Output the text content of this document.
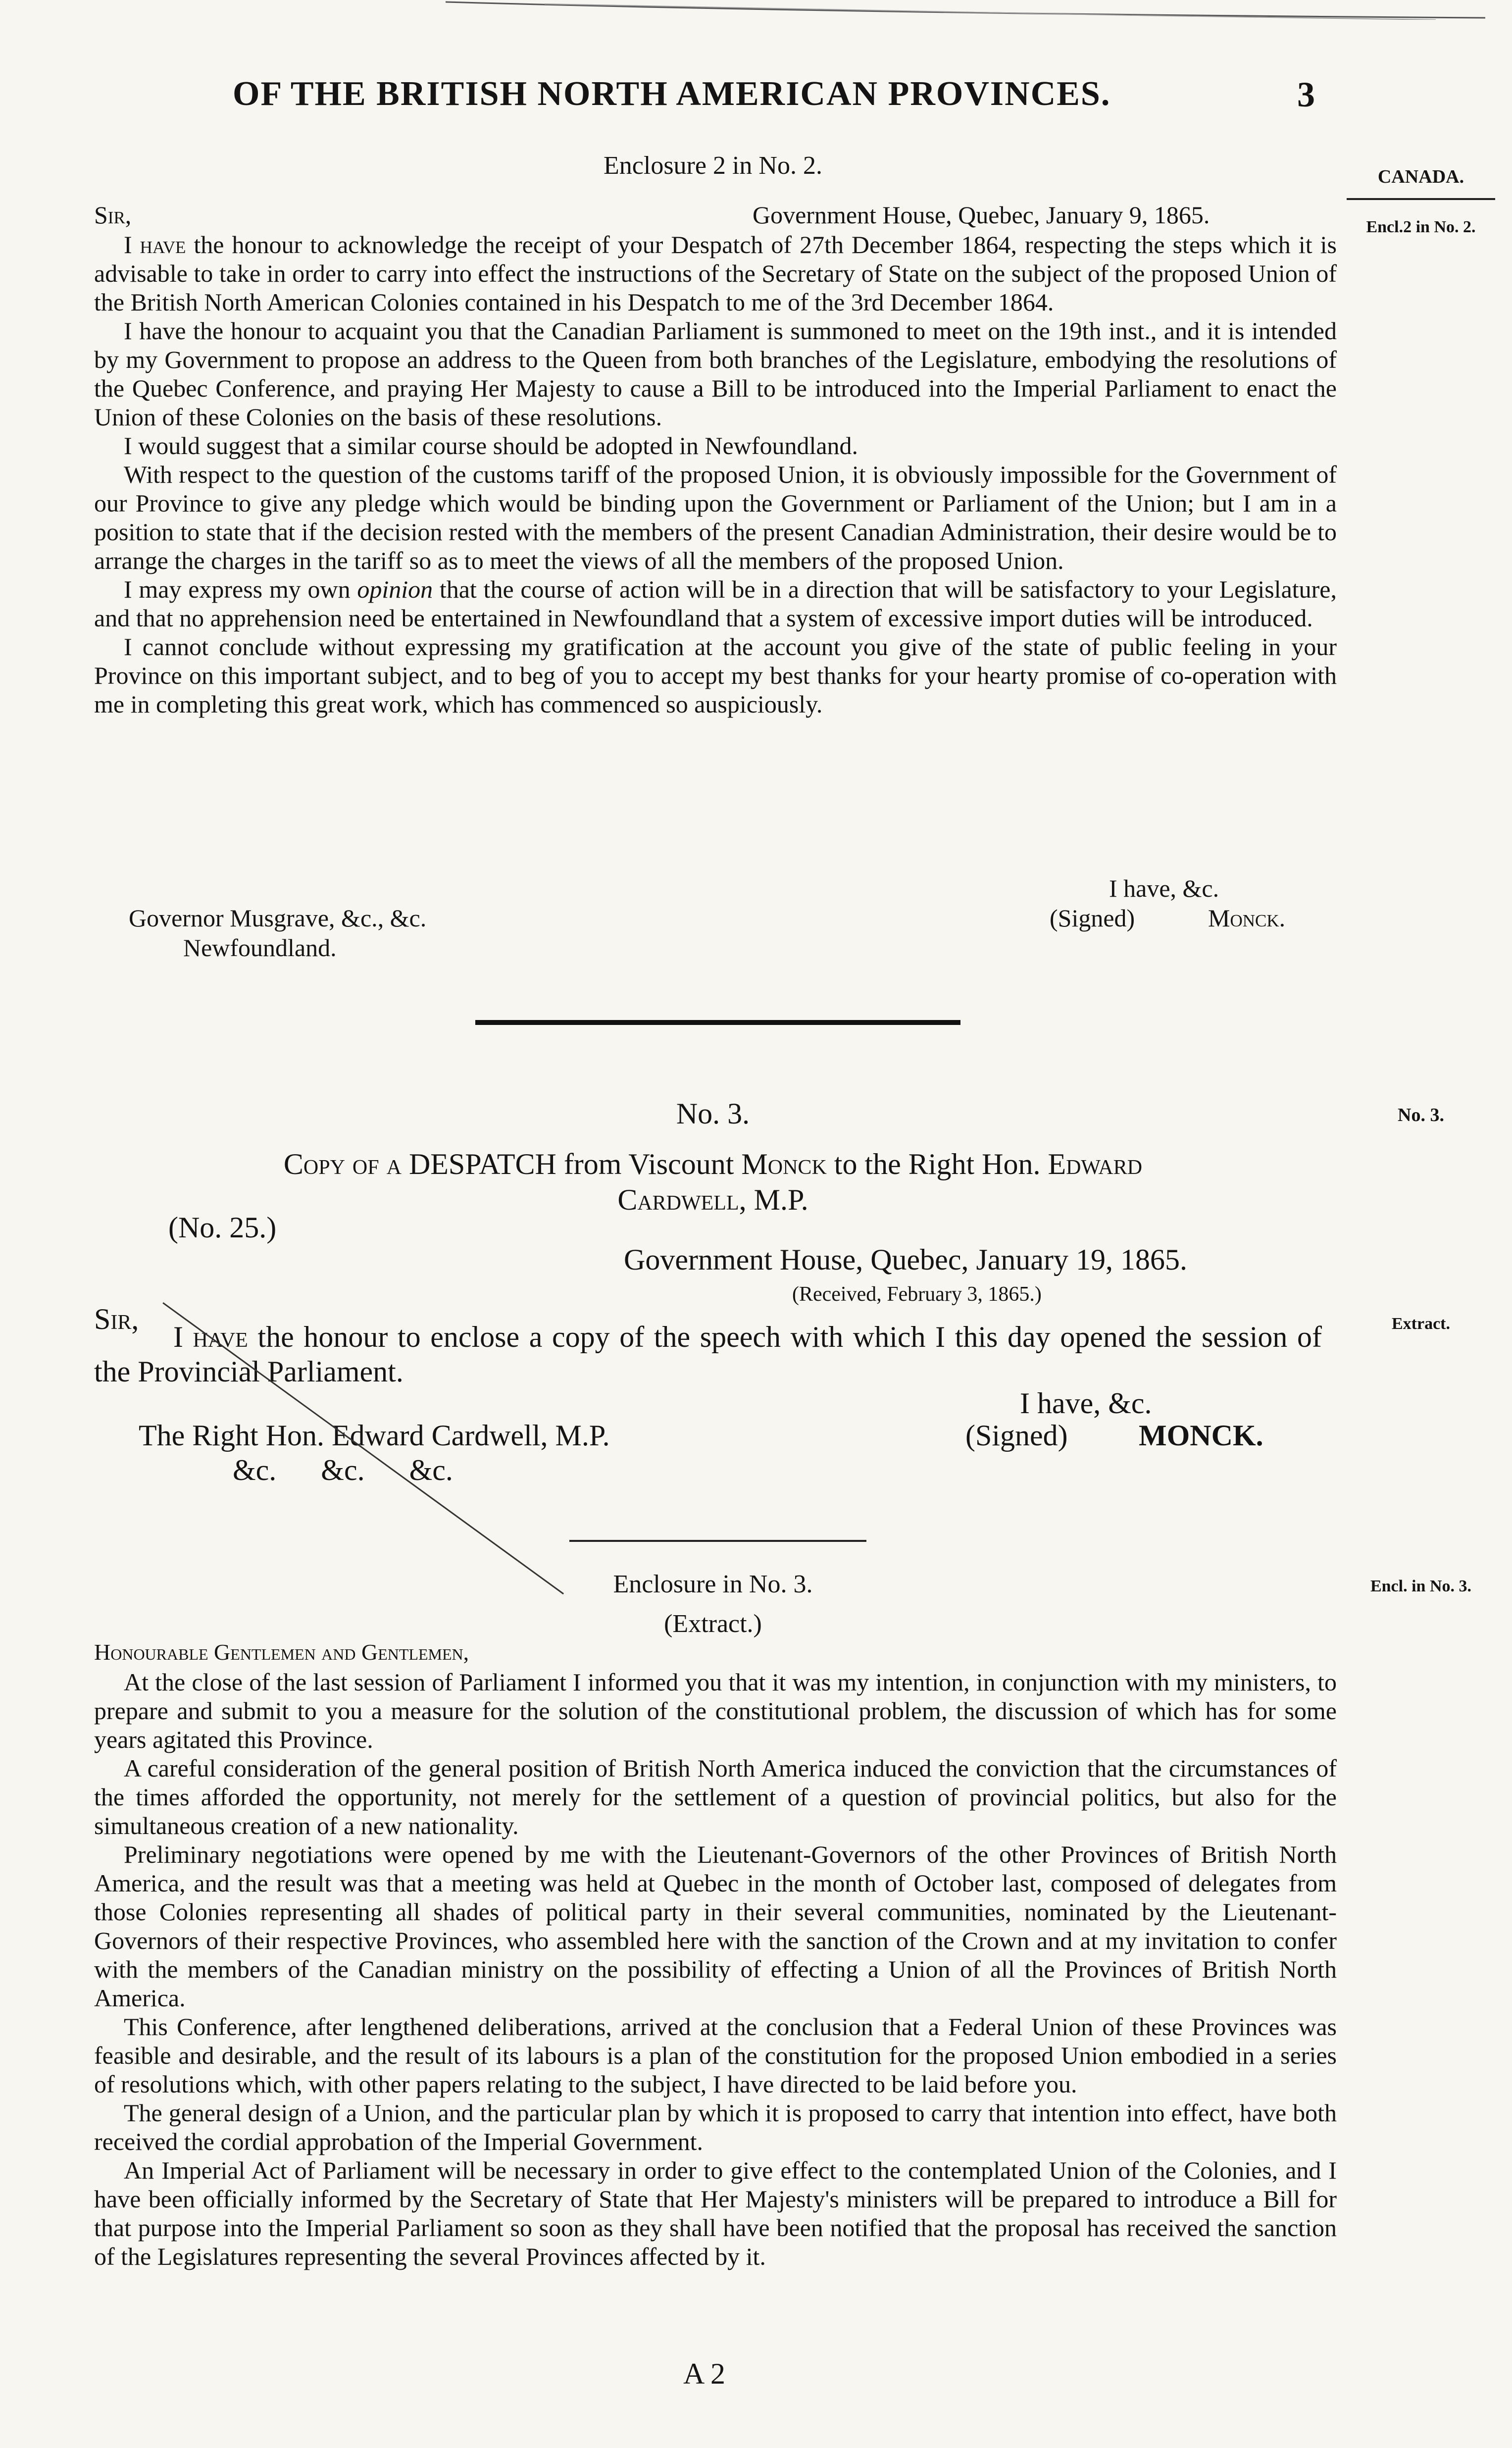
OF THE BRITISH NORTH AMERICAN PROVINCES.	3
CANADA.
Encl.2 in No. 2.
No. 3.
Extract.
Encl. in No. 3.
Enclosure 2 in No. 2.
Sir,	Government House, Quebec, January 9, 1865.

I have the honour to acknowledge the receipt of your Despatch of 27th December 1864, respecting the steps which it is advisable to take in order to carry into effect the instructions of the Secretary of State on the subject of the proposed Union of the British North American Colonies contained in his Despatch to me of the 3rd December 1864.

I have the honour to acquaint you that the Canadian Parliament is summoned to meet on the 19th inst., and it is intended by my Government to propose an address to the Queen from both branches of the Legislature, embodying the resolutions of the Quebec Conference, and praying Her Majesty to cause a Bill to be introduced into the Imperial Parliament to enact the Union of these Colonies on the basis of these resolutions.

I would suggest that a similar course should be adopted in Newfoundland.

With respect to the question of the customs tariff of the proposed Union, it is obviously impossible for the Government of our Province to give any pledge which would be binding upon the Government or Parliament of the Union; but I am in a position to state that if the decision rested with the members of the present Canadian Administration, their desire would be to arrange the charges in the tariff so as to meet the views of all the members of the proposed Union.

I may express my own opinion that the course of action will be in a direction that will be satisfactory to your Legislature, and that no apprehension need be entertained in Newfoundland that a system of excessive import duties will be introduced.

I cannot conclude without expressing my gratification at the account you give of the state of public feeling in your Province on this important subject, and to beg of you to accept my best thanks for your hearty promise of co-operation with me in completing this great work, which has commenced so auspiciously.

I have, &c.
(Signed)	Monck.
Governor Musgrave, &c., &c.
Newfoundland.
No. 3.
Copy of a DESPATCH from Viscount Monck to the Right Hon. Edward
Cardwell, M.P.
(No. 25.)
Government House, Quebec, January 19, 1865.
(Received, February 3, 1865.)
Sir,

I have the honour to enclose a copy of the speech with which I this day opened the session of the Provincial Parliament.

I have, &c.
The Right Hon. Edward Cardwell, M.P.	(Signed) MONCK.
&c.      &c.      &c.
Enclosure in No. 3.
(Extract.)
Honourable Gentlemen and Gentlemen,

At the close of the last session of Parliament I informed you that it was my intention, in conjunction with my ministers, to prepare and submit to you a measure for the solution of the constitutional problem, the discussion of which has for some years agitated this Province.

A careful consideration of the general position of British North America induced the conviction that the circumstances of the times afforded the opportunity, not merely for the settlement of a question of provincial politics, but also for the simultaneous creation of a new nationality.

Preliminary negotiations were opened by me with the Lieutenant-Governors of the other Provinces of British North America, and the result was that a meeting was held at Quebec in the month of October last, composed of delegates from those Colonies representing all shades of political party in their several communities, nominated by the Lieutenant-Governors of their respective Provinces, who assembled here with the sanction of the Crown and at my invitation to confer with the members of the Canadian ministry on the possibility of effecting a Union of all the Provinces of British North America.

This Conference, after lengthened deliberations, arrived at the conclusion that a Federal Union of these Provinces was feasible and desirable, and the result of its labours is a plan of the constitution for the proposed Union embodied in a series of resolutions which, with other papers relating to the subject, I have directed to be laid before you.

The general design of a Union, and the particular plan by which it is proposed to carry that intention into effect, have both received the cordial approbation of the Imperial Government.

An Imperial Act of Parliament will be necessary in order to give effect to the contemplated Union of the Colonies, and I have been officially informed by the Secretary of State that Her Majesty's ministers will be prepared to introduce a Bill for that purpose into the Imperial Parliament so soon as they shall have been notified that the proposal has received the sanction of the Legislatures representing the several Provinces affected by it.

A 2
